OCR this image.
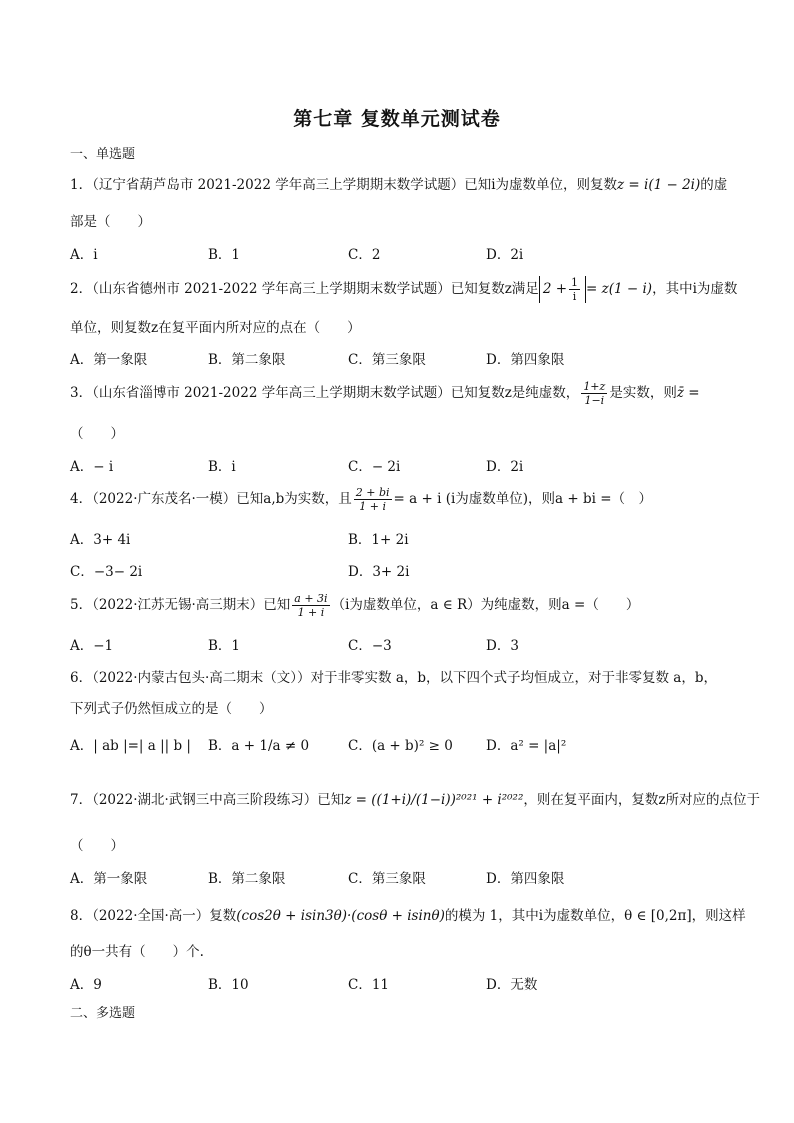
第七章 复数单元测试卷
一、单选题
1．（辽宁省葫芦岛市 2021-2022 学年高三上学期期末数学试题）已知i为虚数单位，则复数z = i(1 − 2i)的虚
部是（　　）
A．i	B．1	C．2	D．2i
2．（山东省德州市 2021-2022 学年高三上学期期末数学试题）已知复数z满足 $2 + \frac{1}{i} = z(1 - i)$，其中i为虚数
单位，则复数z在复平面内所对应的点在（　　）
A．第一象限	B．第二象限	C．第三象限	D．第四象限
3．（山东省淄博市 2021-2022 学年高三上学期期末数学试题）已知复数z是纯虚数， $\frac{1+z}{1-i}$ 是实数，则z̄ =
（　　）
A．− i	B．i	C．− 2i	D．2i
4．（2022·广东茂名·一模）已知a,b为实数，且 $\frac{2 + bi}{1 + i} = a + i$ (i为虚数单位)，则a + bi =（　）
A．3+ 4i	B．1+ 2i
C．−3− 2i	D．3+ 2i
5．（2022·江苏无锡·高三期末）已知 $\frac{a + 3i}{1 + i} (i$为虚数单位，a ∈ R）为纯虚数，则a =（　　）
A．−1	B．1	C．−3	D．3
6．（2022·内蒙古包头·高二期末（文））对于非零实数 a，b，以下四个式子均恒成立，对于非零复数 a，b，
下列式子仍然恒成立的是（　　）
A．| ab |=| a || b | B．a + 1/a ≠ 0	C．(a + b)² ≥ 0 D．a² = |a|²
7．（2022·湖北·武钢三中高三阶段练习）已知z = ((1+i)/(1−i))²⁰²¹ + i²⁰²²，则在复平面内，复数z所对应的点位于
（　　）
A．第一象限	B．第二象限	C．第三象限	D．第四象限
8．（2022·全国·高一）复数(cos2θ + isin3θ)·(cosθ + isinθ)的模为 1，其中i为虚数单位，θ ∈ [0,2π]，则这样
的θ一共有（　　）个.
A．9	B．10	C．11	D．无数
二、多选题
